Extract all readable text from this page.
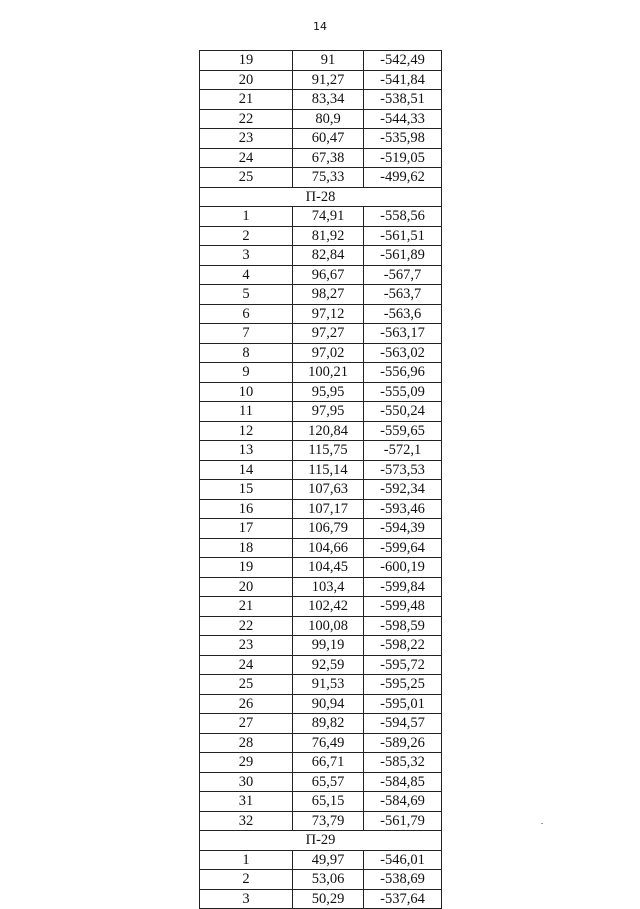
14
19	91	-542,49
20	91,27	-541,84
21	83,34	-538,51
22	80,9	-544,33
23	60,47	-535,98
24	67,38	-519,05
25	75,33	-499,62
П-28		
1	74,91	-558,56
2	81,92	-561,51
3	82,84	-561,89
4	96,67	-567,7
5	98,27	-563,7
6	97,12	-563,6
7	97,27	-563,17
8	97,02	-563,02
9	100,21	-556,96
10	95,95	-555,09
11	97,95	-550,24
12	120,84	-559,65
13	115,75	-572,1
14	115,14	-573,53
15	107,63	-592,34
16	107,17	-593,46
17	106,79	-594,39
18	104,66	-599,64
19	104,45	-600,19
20	103,4	-599,84
21	102,42	-599,48
22	100,08	-598,59
23	99,19	-598,22
24	92,59	-595,72
25	91,53	-595,25
26	90,94	-595,01
27	89,82	-594,57
28	76,49	-589,26
29	66,71	-585,32
30	65,57	-584,85
31	65,15	-584,69
32	73,79	-561,79
П-29		
1	49,97	-546,01
2	53,06	-538,69
3	50,29	-537,64
